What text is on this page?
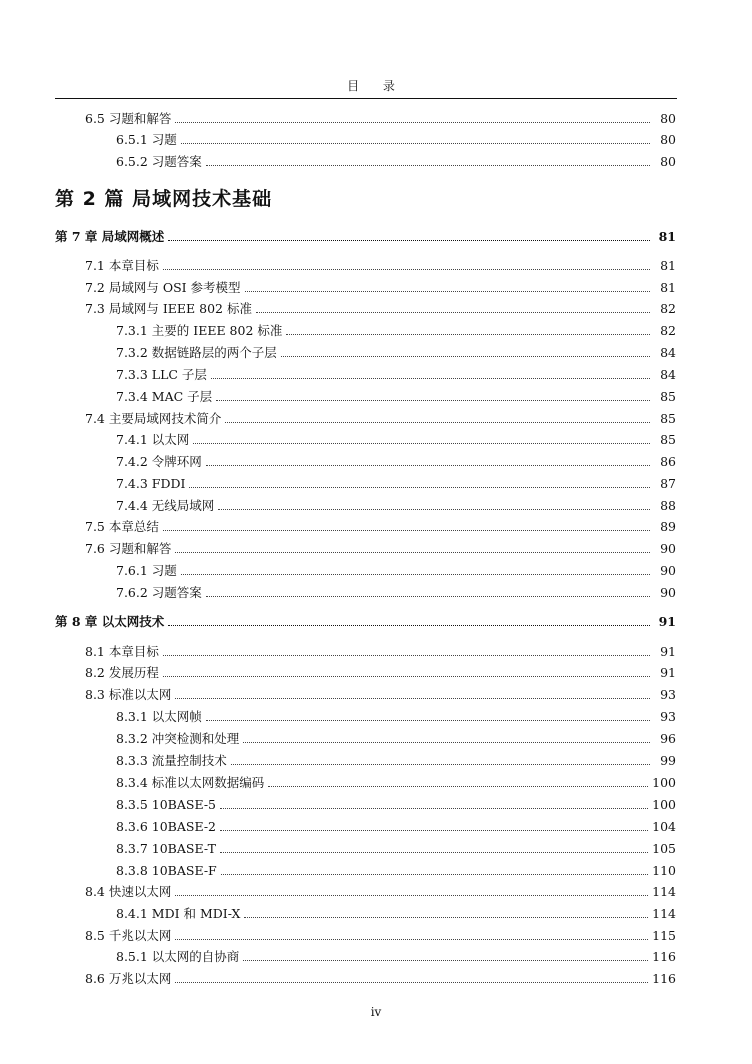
目 录
第 2 篇 局域网技术基础
6.5 习题和解答	80
6.5.1 习题	80
6.5.2 习题答案	80
第 7 章 局域网概述	81
7.1 本章目标	81
7.2 局域网与 OSI 参考模型	81
7.3 局域网与 IEEE 802 标准	82
7.3.1 主要的 IEEE 802 标准	82
7.3.2 数据链路层的两个子层	84
7.3.3 LLC 子层	84
7.3.4 MAC 子层	85
7.4 主要局域网技术简介	85
7.4.1 以太网	85
7.4.2 令牌环网	86
7.4.3 FDDI	87
7.4.4 无线局域网	88
7.5 本章总结	89
7.6 习题和解答	90
7.6.1 习题	90
7.6.2 习题答案	90
第 8 章 以太网技术	91
8.1 本章目标	91
8.2 发展历程	91
8.3 标准以太网	93
8.3.1 以太网帧	93
8.3.2 冲突检测和处理	96
8.3.3 流量控制技术	99
8.3.4 标准以太网数据编码	100
8.3.5 10BASE-5	100
8.3.6 10BASE-2	104
8.3.7 10BASE-T	105
8.3.8 10BASE-F	110
8.4 快速以太网	114
8.4.1 MDI 和 MDI-X	114
8.5 千兆以太网	115
8.5.1 以太网的自协商	116
8.6 万兆以太网	116
iv
